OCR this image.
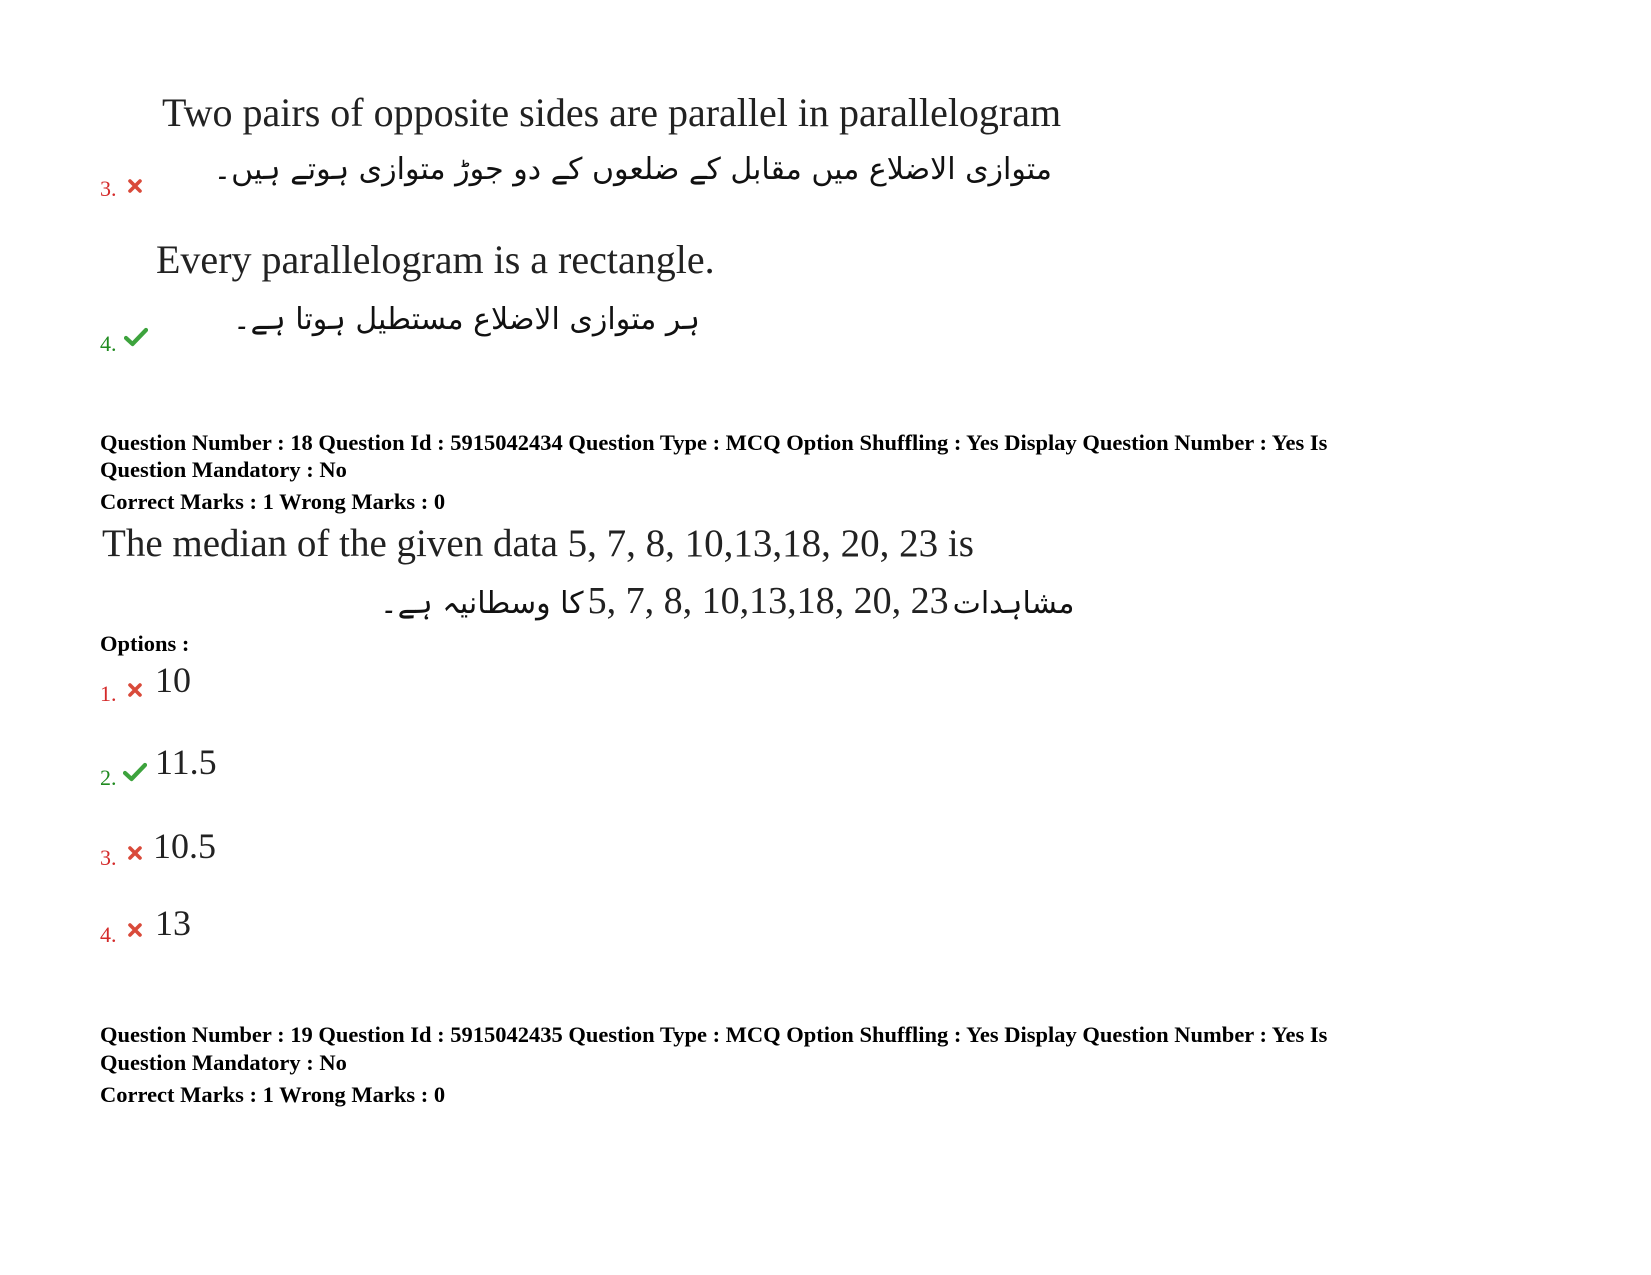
Two pairs of opposite sides are parallel in parallelogram
متوازی الاضلاع میں مقابل کے ضلعوں کے دو جوڑ متوازی ہوتے ہیں۔
3.
Every parallelogram is a rectangle.
ہر متوازی الاضلاع مستطیل ہوتا ہے۔
4.
Question Number : 18 Question Id : 5915042434 Question Type : MCQ Option Shuffling : Yes Display Question Number : Yes Is
Question Mandatory : No
Correct Marks : 1 Wrong Marks : 0
The median of the given data 5, 7, 8, 10,13,18, 20, 23 is
کا وسطانیہ ہے۔ 5, 7, 8, 10,13,18, 20, 23 مشاہدات
Options :
1. 10
2. 11.5
3. 10.5
4. 13
Question Number : 19 Question Id : 5915042435 Question Type : MCQ Option Shuffling : Yes Display Question Number : Yes Is
Question Mandatory : No
Correct Marks : 1 Wrong Marks : 0
